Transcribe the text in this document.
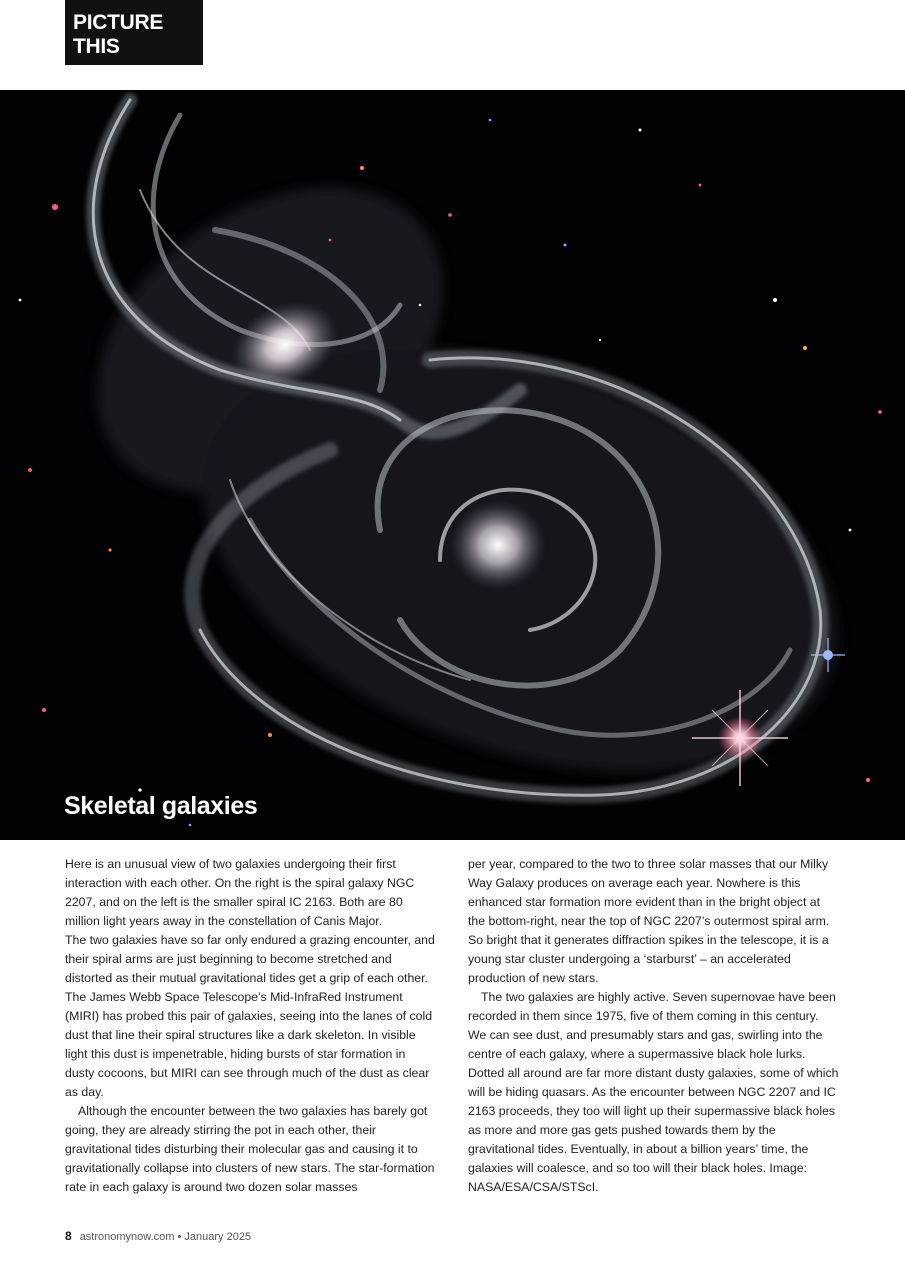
PICTURE THIS
Skeletal galaxies

Here is an unusual view of two galaxies undergoing their first interaction with each other. On the right is the spiral galaxy NGC 2207, and on the left is the smaller spiral IC 2163. Both are 80 million light years away in the constellation of Canis Major.

The two galaxies have so far only endured a grazing encounter, and their spiral arms are just beginning to become stretched and distorted as their mutual gravitational tides get a grip of each other. The James Webb Space Telescope’s Mid-InfraRed Instrument (MIRI) has probed this pair of galaxies, seeing into the lanes of cold dust that line their spiral structures like a dark skeleton. In visible light this dust is impenetrable, hiding bursts of star formation in dusty cocoons, but MIRI can see through much of the dust as clear as day.

Although the encounter between the two galaxies has barely got going, they are already stirring the pot in each other, their gravitational tides disturbing their molecular gas and causing it to gravitationally collapse into clusters of new stars. The star-formation rate in each galaxy is around two dozen solar masses

per year, compared to the two to three solar masses that our Milky Way Galaxy produces on average each year. Nowhere is this enhanced star formation more evident than in the bright object at the bottom-right, near the top of NGC 2207’s outermost spiral arm. So bright that it generates diffraction spikes in the telescope, it is a young star cluster undergoing a ‘starburst’ – an accelerated production of new stars.

The two galaxies are highly active. Seven supernovae have been recorded in them since 1975, five of them coming in this century. We can see dust, and presumably stars and gas, swirling into the centre of each galaxy, where a supermassive black hole lurks. Dotted all around are far more distant dusty galaxies, some of which will be hiding quasars. As the encounter between NGC 2207 and IC 2163 proceeds, they too will light up their supermassive black holes as more and more gas gets pushed towards them by the gravitational tides. Eventually, in about a billion years’ time, the galaxies will coalesce, and so too will their black holes. Image: NASA/ESA/CSA/STScI.

8 astronomynow.com • January 2025
